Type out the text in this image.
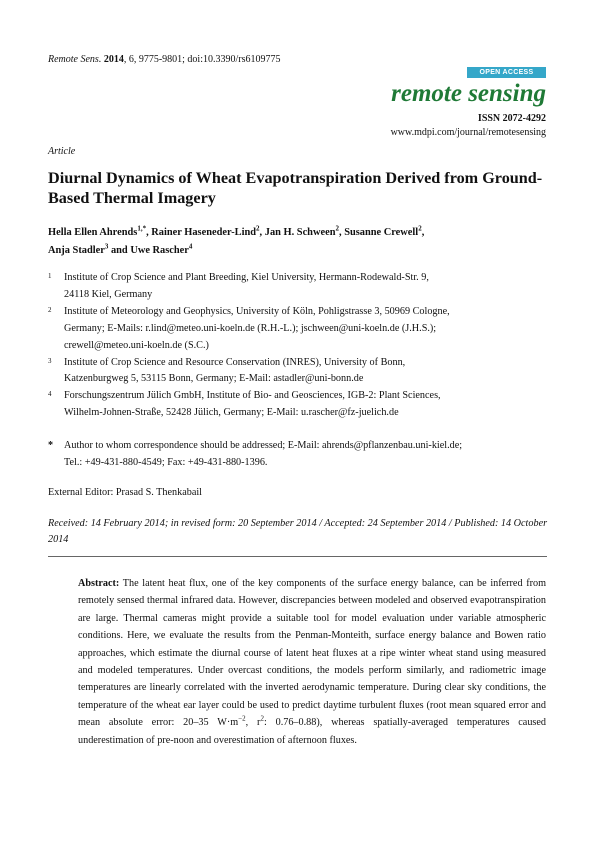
Remote Sens. 2014, 6, 9775-9801; doi:10.3390/rs6109775
OPEN ACCESS
remote sensing
ISSN 2072-4292
www.mdpi.com/journal/remotesensing
Article
Diurnal Dynamics of Wheat Evapotranspiration Derived from Ground-Based Thermal Imagery
Hella Ellen Ahrends$^{1,*}$, Rainer Haseneder-Lind$^2$, Jan H. Schween$^2$, Susanne Crewell$^2$,
Anja Stadler$^3$ and Uwe Rascher$^4$
1 Institute of Crop Science and Plant Breeding, Kiel University, Hermann-Rodewald-Str. 9,
24118 Kiel, Germany
2 Institute of Meteorology and Geophysics, University of Köln, Pohligstrasse 3, 50969 Cologne,
Germany; E-Mails: r.lind@meteo.uni-koeln.de (R.H.-L.); jschween@uni-koeln.de (J.H.S.);
crewell@meteo.uni-koeln.de (S.C.)
3 Institute of Crop Science and Resource Conservation (INRES), University of Bonn,
Katzenburgweg 5, 53115 Bonn, Germany; E-Mail: astadler@uni-bonn.de
4 Forschungszentrum Jülich GmbH, Institute of Bio- and Geosciences, IGB-2: Plant Sciences,
Wilhelm-Johnen-Straße, 52428 Jülich, Germany; E-Mail: u.rascher@fz-juelich.de
* Author to whom correspondence should be addressed; E-Mail: ahrends@pflanzenbau.uni-kiel.de;
Tel.: +49-431-880-4549; Fax: +49-431-880-1396.
External Editor: Prasad S. Thenkabail
Received: 14 February 2014; in revised form: 20 September 2014 / Accepted: 24 September 2014 / Published: 14 October 2014
Abstract: The latent heat flux, one of the key components of the surface energy balance, can be inferred from remotely sensed thermal infrared data. However, discrepancies between modeled and observed evapotranspiration are large. Thermal cameras might provide a suitable tool for model evaluation under variable atmospheric conditions. Here, we evaluate the results from the Penman-Monteith, surface energy balance and Bowen ratio approaches, which estimate the diurnal course of latent heat fluxes at a ripe winter wheat stand using measured and modeled temperatures. Under overcast conditions, the models perform similarly, and radiometric image temperatures are linearly correlated with the inverted aerodynamic temperature. During clear sky conditions, the temperature of the wheat ear layer could be used to predict daytime turbulent fluxes (root mean squared error and mean absolute error: 20–35 $W\cdot m^{-2}$, $r^2$: 0.76–0.88), whereas spatially-averaged temperatures caused underestimation of pre-noon and overestimation of afternoon fluxes.
